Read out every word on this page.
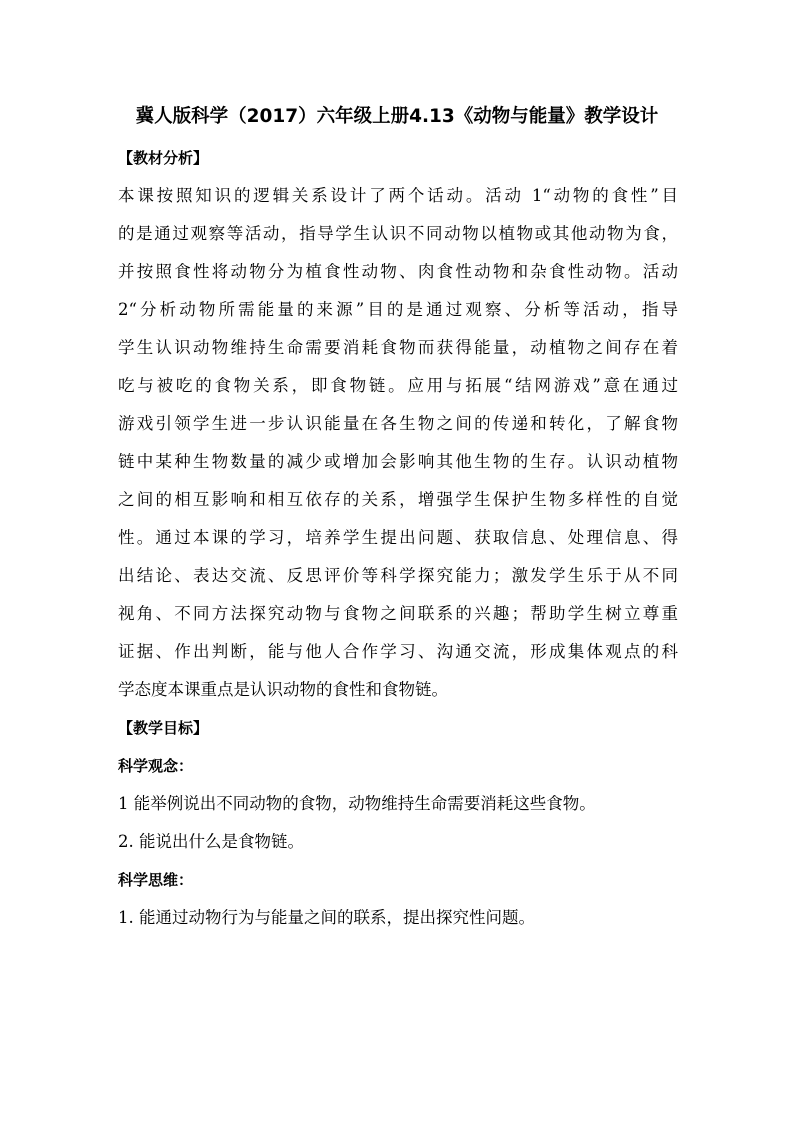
冀人版科学（2017）六年级上册4.13《动物与能量》教学设计
【教材分析】
本课按照知识的逻辑关系设计了两个话动。活动 1“动物的食性”目
的是通过观察等活动，指导学生认识不同动物以植物或其他动物为食，
并按照食性将动物分为植食性动物、肉食性动物和杂食性动物。活动
2“分析动物所需能量的来源”目的是通过观察、分析等活动，指导
学生认识动物维持生命需要消耗食物而获得能量，动植物之间存在着
吃与被吃的食物关系，即食物链。应用与拓展“结网游戏”意在通过
游戏引领学生进一步认识能量在各生物之间的传递和转化，了解食物
链中某种生物数量的减少或增加会影响其他生物的生存。认识动植物
之间的相互影响和相互依存的关系，增强学生保护生物多样性的自觉
性。通过本课的学习，培养学生提出问题、获取信息、处理信息、得
出结论、表达交流、反思评价等科学探究能力；激发学生乐于从不同
视角、不同方法探究动物与食物之间联系的兴趣；帮助学生树立尊重
证据、作出判断，能与他人合作学习、沟通交流，形成集体观点的科
学态度本课重点是认识动物的食性和食物链。
【教学目标】
科学观念：
1 能举例说出不同动物的食物，动物维持生命需要消耗这些食物。
2. 能说出什么是食物链。
科学思维：
1. 能通过动物行为与能量之间的联系，提出探究性问题。
